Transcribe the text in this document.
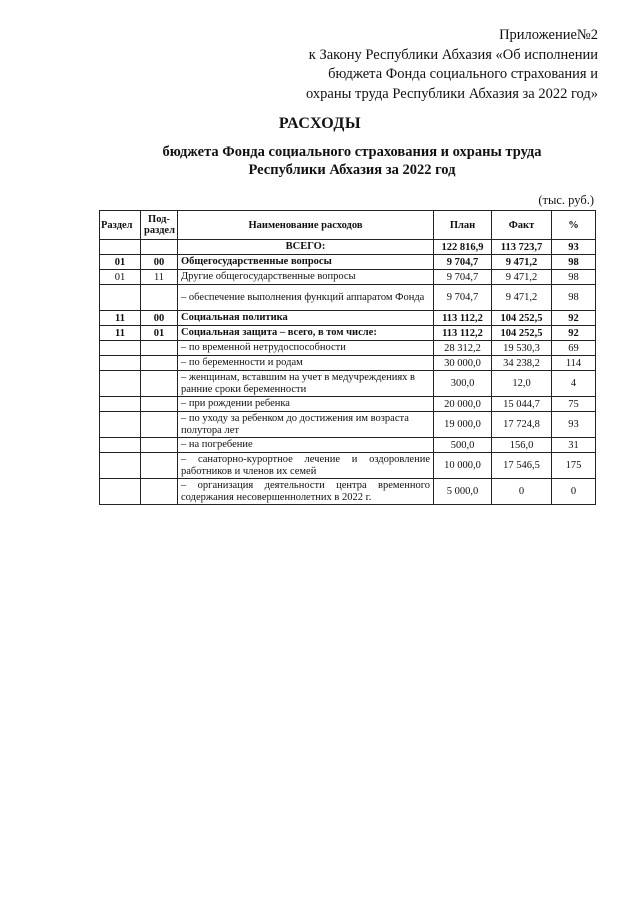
Приложение№2
к Закону Республики Абхазия «Об исполнении
бюджета Фонда социального страхования и
охраны труда Республики Абхазия за 2022 год»
РАСХОДЫ
бюджета Фонда социального страхования и охраны труда
Республики Абхазия за 2022 год
(тыс. руб.)
Раздел	Под-раздел	Наименование расходов	План	Факт	%
		ВСЕГО:	122 816,9	113 723,7	93
01	00	Общегосударственные вопросы	9 704,7	9 471,2	98
01	11	Другие общегосударственные вопросы	9 704,7	9 471,2	98
		– обеспечение выполнения функций аппаратом Фонда	9 704,7	9 471,2	98
11	00	Социальная политика	113 112,2	104 252,5	92
11	01	Социальная защита – всего, в том числе:	113 112,2	104 252,5	92
		– по временной нетрудоспособности	28 312,2	19 530,3	69
		– по беременности и родам	30 000,0	34 238,2	114
		– женщинам, вставшим на учет в медучреждениях в ранние сроки беременности	300,0	12,0	4
		– при рождении ребенка	20 000,0	15 044,7	75
		– по уходу за ребенком до достижения им возраста полутора лет	19 000,0	17 724,8	93
		– на погребение	500,0	156,0	31
		– санаторно-курортное лечение и оздоровление работников и членов их семей	10 000,0	17 546,5	175
		– организация деятельности центра временного содержания несовершеннолетних в 2022 г.	5 000,0	0	0
